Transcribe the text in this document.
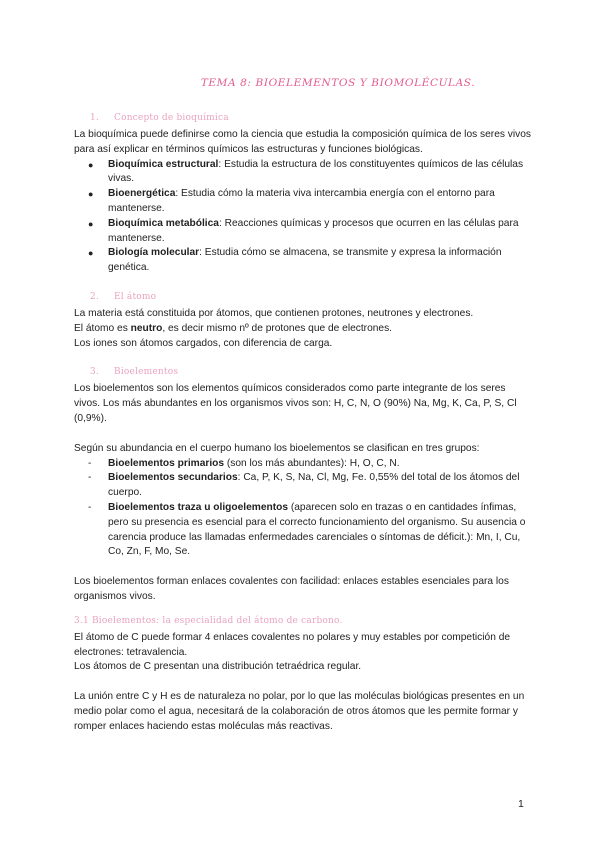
TEMA 8: BIOELEMENTOS Y BIOMOLÉCULAS.
1. Concepto de bioquímica

La bioquímica puede definirse como la ciencia que estudia la composición química de los seres vivos para así explicar en términos químicos las estructuras y funciones biológicas.

● Bioquímica estructural: Estudia la estructura de los constituyentes químicos de las células vivas.
● Bioenergética: Estudia cómo la materia viva intercambia energía con el entorno para mantenerse.
● Bioquímica metabólica: Reacciones químicas y procesos que ocurren en las células para mantenerse.
● Biología molecular: Estudia cómo se almacena, se transmite y expresa la información genética.
2. El átomo

La materia está constituida por átomos, que contienen protones, neutrones y electrones.

El átomo es neutro, es decir mismo nº de protones que de electrones.

Los iones son átomos cargados, con diferencia de carga.

3. Bioelementos

Los bioelementos son los elementos químicos considerados como parte integrante de los seres vivos. Los más abundantes en los organismos vivos son: H, C, N, O (90%) Na, Mg, K, Ca, P, S, Cl (0,9%).

Según su abundancia en el cuerpo humano los bioelementos se clasifican en tres grupos:

- Bioelementos primarios (son los más abundantes): H, O, C, N.
- Bioelementos secundarios: Ca, P, K, S, Na, Cl, Mg, Fe. 0,55% del total de los átomos del cuerpo.
- Bioelementos traza u oligoelementos (aparecen solo en trazas o en cantidades ínfimas, pero su presencia es esencial para el correcto funcionamiento del organismo. Su ausencia o carencia produce las llamadas enfermedades carenciales o síntomas de déficit.): Mn, I, Cu, Co, Zn, F, Mo, Se.

Los bioelementos forman enlaces covalentes con facilidad: enlaces estables esenciales para los organismos vivos.

3.1 Bioelementos: la especialidad del átomo de carbono.

El átomo de C puede formar 4 enlaces covalentes no polares y muy estables por competición de electrones: tetravalencia.

Los átomos de C presentan una distribución tetraédrica regular.

La unión entre C y H es de naturaleza no polar, por lo que las moléculas biológicas presentes en un medio polar como el agua, necesitará de la colaboración de otros átomos que les permite formar y romper enlaces haciendo estas moléculas más reactivas.

1
